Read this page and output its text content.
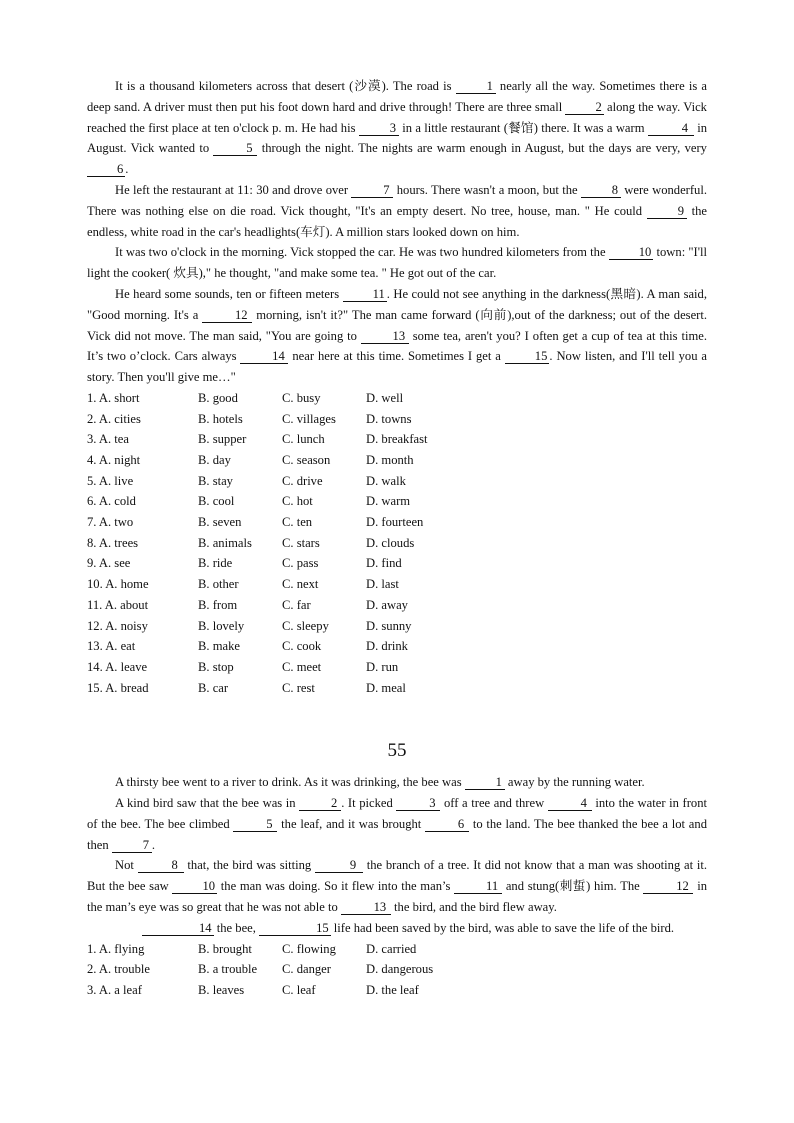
It is a thousand kilometers across that desert (沙漠). The road is 1 nearly all the way. Sometimes there is a deep sand. A driver must then put his foot down hard and drive through! There are three small 2 along the way. Vick reached the first place at ten o'clock p. m. He had his 3 in a little restaurant (餐馆) there. It was a warm	4 in August. Vick wanted to	5 through the night. The nights are warm enough in August, but the days are very, very 6 .

He left the restaurant at 11: 30 and drove over	7 hours. There wasn't a moon, but the 8 were wonderful. There was nothing else on die road. Vick thought, "It's an empty desert. No tree, house, man. " He could 9 the endless, white road in the car's headlights(车灯). A million stars looked down on him.

It was two o'clock in the morning. Vick stopped the car. He was two hundred kilometers from the 10 town: "I'll light the cooker( 炊具)," he thought, "and make some tea. " He got out of the car.

He heard some sounds, ten or fifteen meters 11 . He could not see anything in the darkness(黑暗). A man said, "Good morning. It's a	12 morning, isn't it?" The man came forward (向前),out of the darkness; out of the desert. Vick did not move. The man said, "You are going to	13 some tea, aren't you? I often get a cup of tea at this time. It’s two o’clock. Cars always	14 near here at this time. Sometimes I get a 15 . Now listen, and I'll tell you a story. Then you'll give me…"

1. A. short	B. good	C. busy	D. well
2. A. cities	B. hotels	C. villages	D. towns
3. A. tea	B. supper	C. lunch	D. breakfast
4. A. night	B. day	C. season	D. month
5. A. live	B. stay	C. drive	D. walk
6. A. cold	B. cool	C. hot	D. warm
7. A. two	B. seven	C. ten	D. fourteen
8. A. trees	B. animals	C. stars	D. clouds
9. A. see	B. ride	C. pass	D. find
10. A. home	B. other	C. next	D. last
11. A. about	B. from	C. far	D. away
12. A. noisy	B. lovely	C. sleepy	D. sunny
13. A. eat	B. make	C. cook	D. drink
14. A. leave	B. stop	C. meet	D. run
15. A. bread	B. car	C. rest	D. meal
55

A thirsty bee went to a river to drink. As it was drinking, the bee was 1 away by the running water.

A kind bird saw that the bee was in	2 . It picked	3 off a tree and threw	4 into the water in front of the bee. The bee climbed	5 the leaf, and it was brought	6 to the land. The bee thanked the bee a lot and then 7 .

Not	8 that, the bird was sitting	9 the branch of a tree. It did not know that a man was shooting at it. But the bee saw 10 the man was doing. So it flew into the man’s	11 and stung(刺蜇) him. The	12 in the man’s eye was so great that he was not able to	13 the bird, and the bird flew away.

14 the bee,	15 life had been saved by the bird, was able to save the life of the bird.

1. A. flying	B. brought	C. flowing	D. carried
2. A. trouble	B. a trouble	C. danger	D. dangerous
3. A. a leaf	B. leaves	C. leaf	D. the leaf
